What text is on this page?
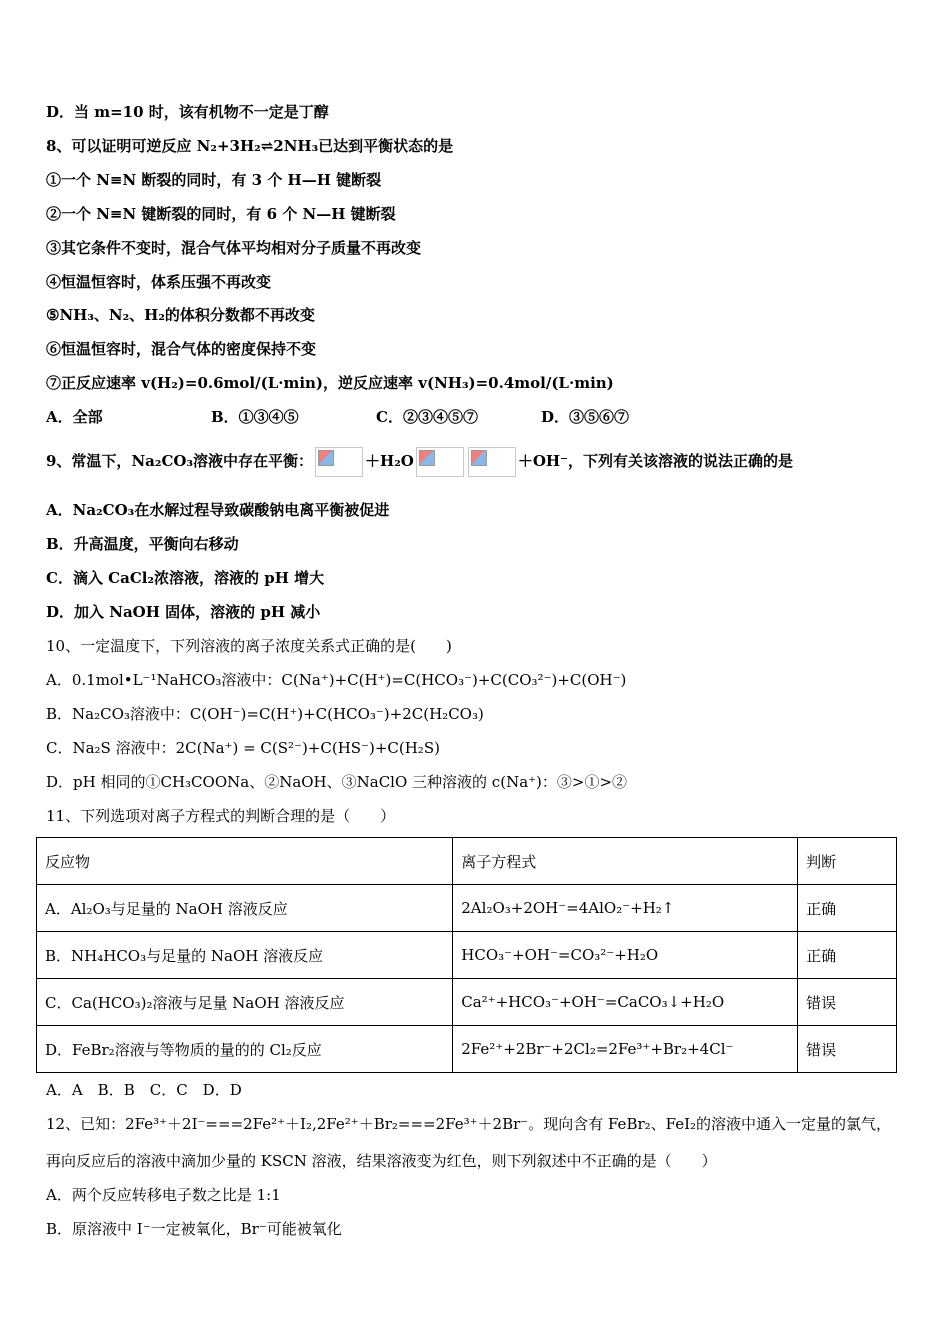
D．当 m=10 时，该有机物不一定是丁醇
8、可以证明可逆反应 N₂+3H₂⇌2NH₃已达到平衡状态的是
①一个 N≡N 断裂的同时，有 3 个 H—H 键断裂
②一个 N≡N 键断裂的同时，有 6 个 N—H 键断裂
③其它条件不变时，混合气体平均相对分子质量不再改变
④恒温恒容时，体系压强不再改变
⑤NH₃、N₂、H₂的体积分数都不再改变
⑥恒温恒容时，混合气体的密度保持不变
⑦正反应速率 v(H₂)=0.6mol/(L·min)，逆反应速率 v(NH₃)=0.4mol/(L·min)
A．全部	B．①③④⑤	C．②③④⑤⑦	D．③⑤⑥⑦
9、常温下，Na₂CO₃溶液中存在平衡：	＋H₂O	＋OH⁻，下列有关该溶液的说法正确的是
A．Na₂CO₃在水解过程导致碳酸钠电离平衡被促进
B．升高温度，平衡向右移动
C．滴入 CaCl₂浓溶液，溶液的 pH 增大
D．加入 NaOH 固体，溶液的 pH 减小
10、一定温度下，下列溶液的离子浓度关系式正确的是(　　)
A．0.1mol•L⁻¹NaHCO₃溶液中：C(Na⁺)+C(H⁺)=C(HCO₃⁻)+C(CO₃²⁻)+C(OH⁻)
B．Na₂CO₃溶液中：C(OH⁻)=C(H⁺)+C(HCO₃⁻)+2C(H₂CO₃)
C．Na₂S 溶液中：2C(Na⁺) = C(S²⁻)+C(HS⁻)+C(H₂S)
D．pH 相同的①CH₃COONa、②NaOH、③NaClO 三种溶液的 c(Na⁺)：③>①>②
11、下列选项对离子方程式的判断合理的是（　　）
反应物	离子方程式	判断
A．Al₂O₃与足量的 NaOH 溶液反应	2Al₂O₃+2OH⁻=4AlO₂⁻+H₂↑	正确
B．NH₄HCO₃与足量的 NaOH 溶液反应	HCO₃⁻+OH⁻=CO₃²⁻+H₂O	正确
C．Ca(HCO₃)₂溶液与足量 NaOH 溶液反应	Ca²⁺+HCO₃⁻+OH⁻=CaCO₃↓+H₂O	错误
D．FeBr₂溶液与等物质的量的的 Cl₂反应	2Fe²⁺+2Br⁻+2Cl₂=2Fe³⁺+Br₂+4Cl⁻	错误
A．A　B．B　C．C　D．D
12、已知：2Fe³⁺＋2I⁻===2Fe²⁺＋I₂,2Fe²⁺＋Br₂===2Fe³⁺＋2Br⁻。现向含有 FeBr₂、FeI₂的溶液中通入一定量的氯气，
再向反应后的溶液中滴加少量的 KSCN 溶液，结果溶液变为红色，则下列叙述中不正确的是（　　）
A．两个反应转移电子数之比是 1:1
B．原溶液中 I⁻一定被氧化，Br⁻可能被氧化
